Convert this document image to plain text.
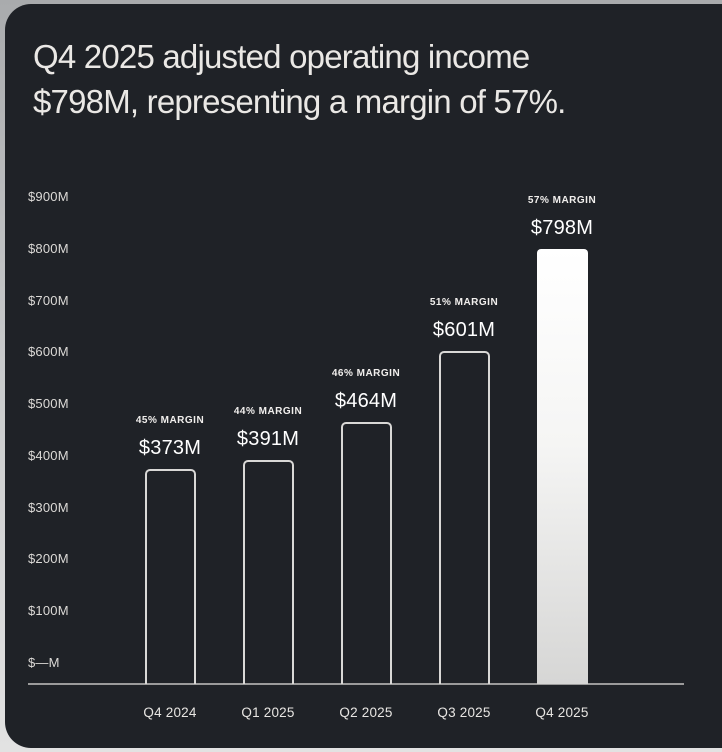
Q4 2025 adjusted operating income
$798M, representing a margin of 57%.
$900M
$800M
$700M
$600M
$500M
$400M
$300M
$200M
$100M
$—M
45% MARGIN
$373M
Q4 2024
44% MARGIN
$391M
Q1 2025
46% MARGIN
$464M
Q2 2025
51% MARGIN
$601M
Q3 2025
57% MARGIN
$798M
Q4 2025
